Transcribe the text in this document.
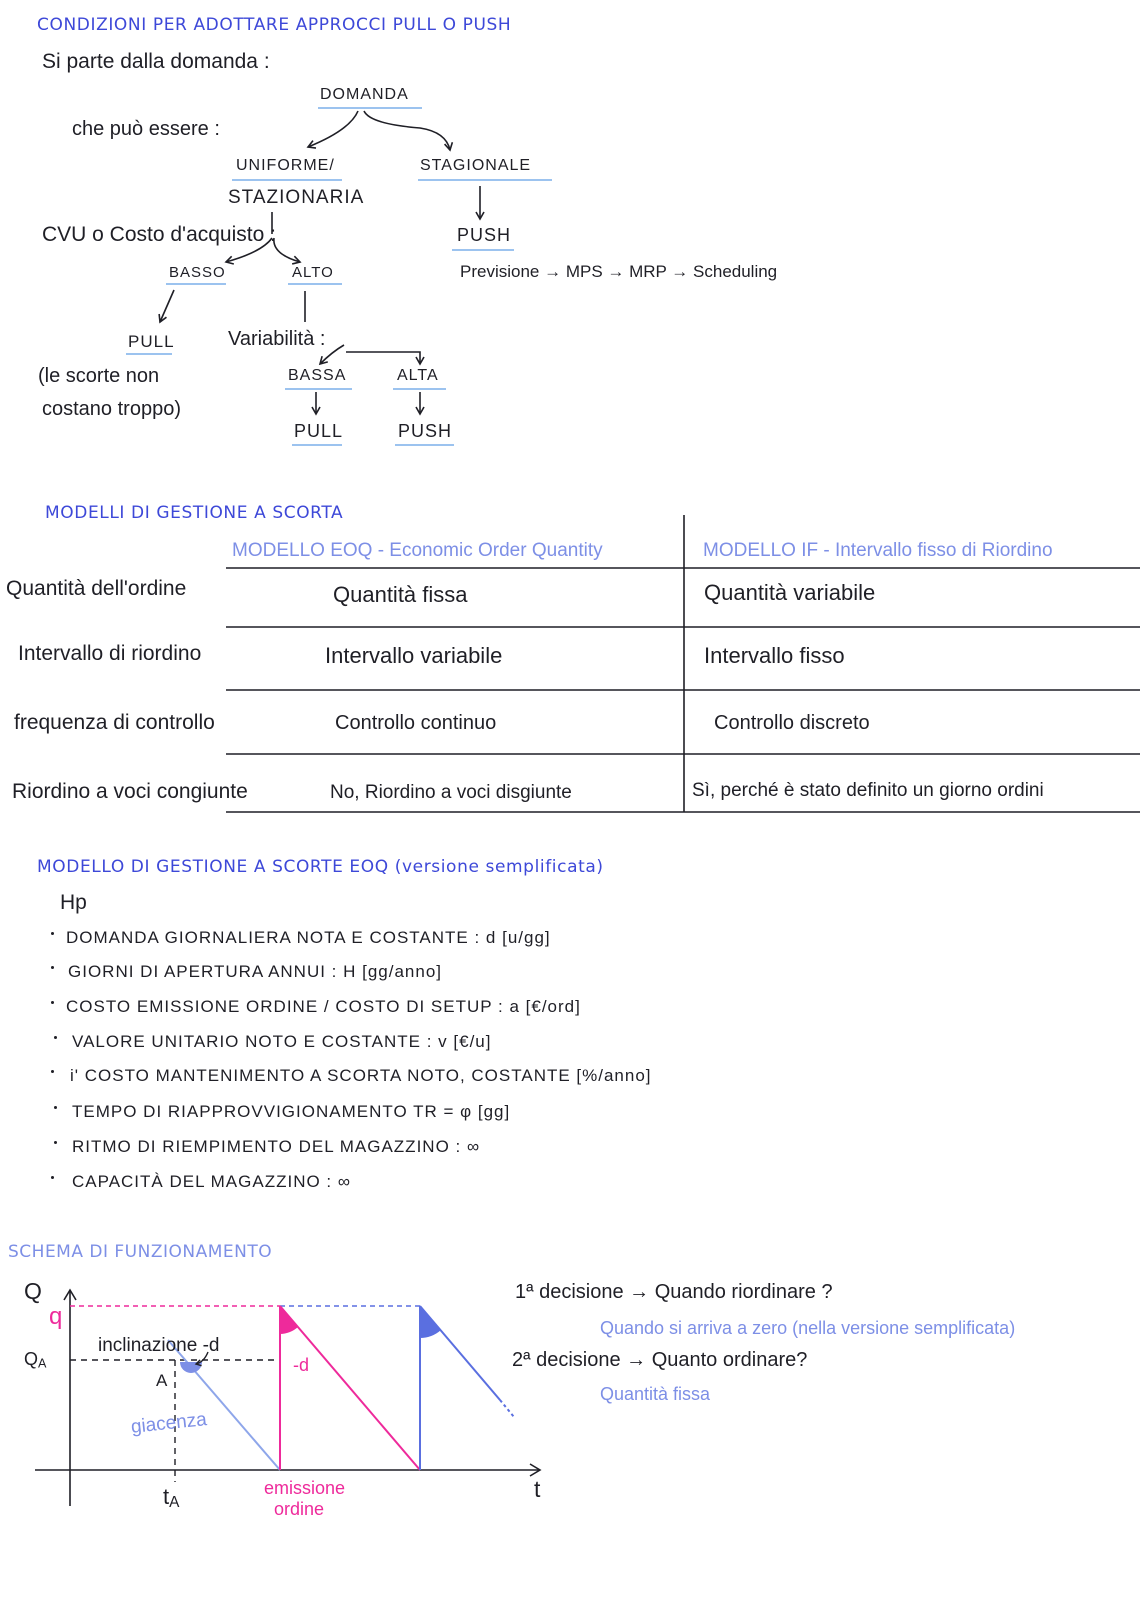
CONDIZIONI PER ADOTTARE APPROCCI PULL O PUSH
Si parte dalla domanda :
DOMANDA
che può essere :
UNIFORME/
STAZIONARIA
STAGIONALE
PUSH
Previsione → MPS → MRP → Scheduling
CVU o Costo d'acquisto :
BASSO	ALTO
PULL
(le scorte non
costano troppo)
Variabilità :
BASSA	ALTA
PULL	PUSH
MODELLI DI GESTIONE A SCORTA
MODELLO EOQ - Economic Order Quantity	MODELLO IF - Intervallo fisso di Riordino
Quantità dell'ordine	Quantità fissa	Quantità variabile
Intervallo di riordino	Intervallo variabile	Intervallo fisso
frequenza di controllo	Controllo continuo	Controllo discreto
Riordino a voci congiunte	No, Riordino a voci disgiunte	Sì, perché è stato definito un giorno ordini
MODELLO DI GESTIONE A SCORTE EOQ (versione semplificata)
Hp
DOMANDA GIORNALIERA NOTA E COSTANTE : d [u/gg]
GIORNI DI APERTURA ANNUI : H [gg/anno]
COSTO EMISSIONE ORDINE / COSTO DI SETUP : a [€/ord]
VALORE UNITARIO NOTO E COSTANTE : v [€/u]
i' COSTO MANTENIMENTO A SCORTA NOTO, COSTANTE [%/anno]
TEMPO DI RIAPPROVVIGIONAMENTO TR = φ [gg]
RITMO DI RIEMPIMENTO DEL MAGAZZINO : ∞
CAPACITÀ DEL MAGAZZINO : ∞
SCHEMA DI FUNZIONAMENTO
Q
q
$Q_A$
A
inclinazione -d
-d
giacenza
$t_A$
emissione
ordine
t
1ª decisione → Quando riordinare ?
Quando si arriva a zero (nella versione semplificata)
2ª decisione → Quanto ordinare?
Quantità fissa
